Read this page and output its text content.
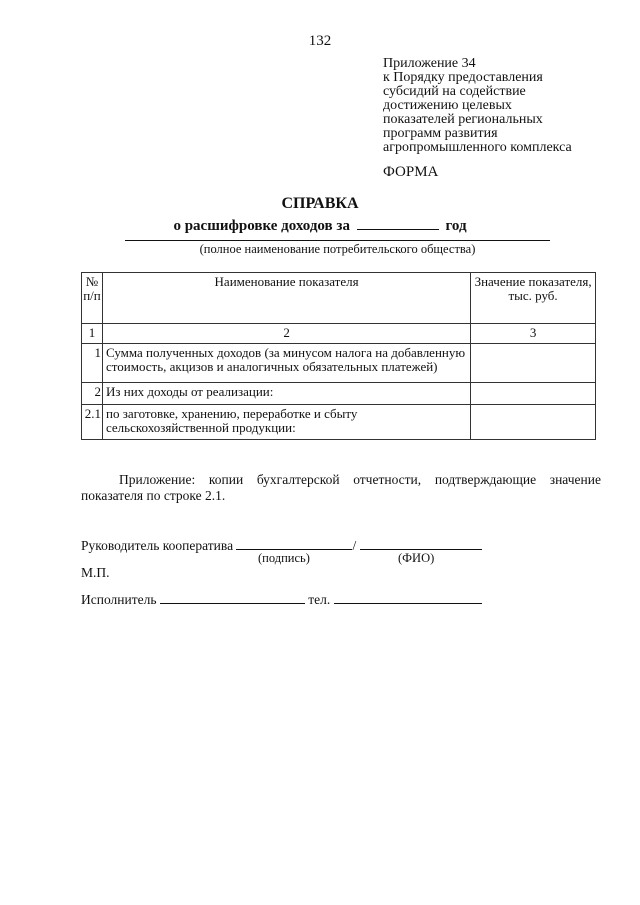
132
Приложение 34
к Порядку предоставления
субсидий на содействие
достижению целевых
показателей региональных
программ развития
агропромышленного комплекса
ФОРМА
СПРАВКА
о расшифровке доходов за	год
(полное наименование потребительского общества)
№ п/п	Наименование показателя	Значение показателя, тыс. руб.
1	2	3
1	Сумма полученных доходов (за минусом налога на добавленную стоимость, акцизов и аналогичных обязательных платежей)	
2	Из них доходы от реализации:	
2.1	по заготовке, хранению, переработке и сбыту сельскохозяйственной продукции:	
Приложение: копии бухгалтерской отчетности, подтверждающие значение показателя по строке 2.1.
Руководитель кооператива	/
(подпись)	(ФИО)
М.П.
Исполнитель	тел.
